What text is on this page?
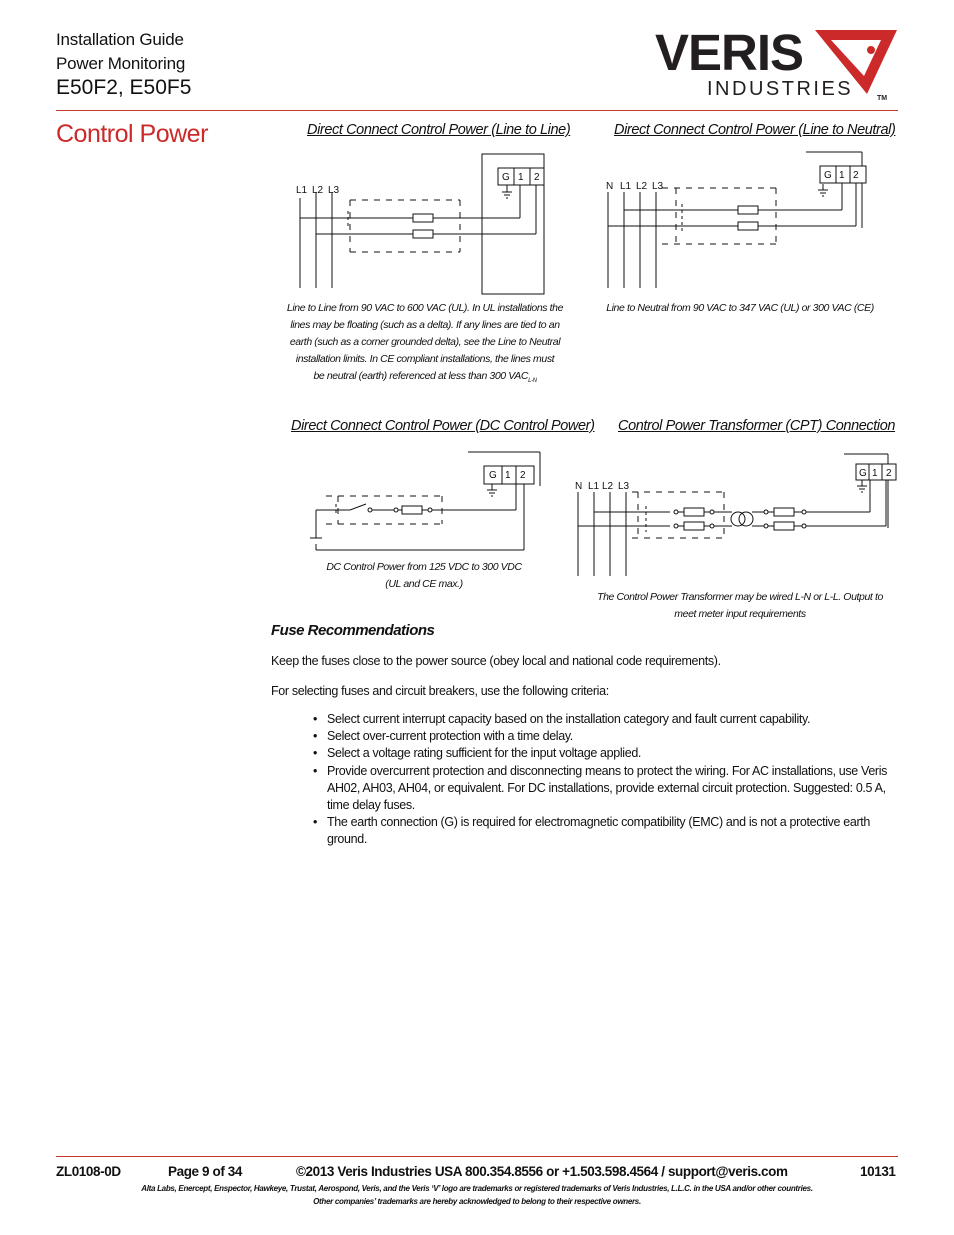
Installation Guide
Power Monitoring
E50F2, E50F5
VERIS
INDUSTRIES	TM
Control Power	Direct Connect Control Power (Line to Line)	Direct Connect Control Power (Line to Neutral)
Direct Connect Control Power (DC Control Power) Control Power Transformer (CPT) Connection
G 1 2
L1 L2 L3
Line to Line from 90 VAC to 600 VAC (UL). In UL installations the
lines may be floating (such as a delta). If any lines are tied to an
earth (such as a corner grounded delta), see the Line to Neutral
installation limits. In CE compliant installations, the lines must
be neutral (earth) referenced at less than 300 $VAC_{L-N}$
G 1 2
N L1 L2 L3
Line to Neutral from 90 VAC to 347 VAC (UL) or 300 VAC (CE)
G 1 2
DC Control Power from 125 VDC to 300 VDC
(UL and CE max.)
G 1 2
N L1 L2 L3
The Control Power Transformer may be wired L-N or L-L. Output to
meet meter input requirements
Fuse Recommendations
Keep the fuses close to the power source (obey local and national code requirements).
For selecting fuses and circuit breakers, use the following criteria:
• Select current interrupt capacity based on the installation category and fault current capability.
• Select over-current protection with a time delay.
• Select a voltage rating sufficient for the input voltage applied.
• Provide overcurrent protection and disconnecting means to protect the wiring. For AC installations, use Veris AH02, AH03, AH04, or equivalent. For DC installations, provide external circuit protection. Suggested: 0.5 A, time delay fuses.
• The earth connection (G) is required for electromagnetic compatibility (EMC) and is not a protective earth ground.
ZL0108-0D	Page 9 of 34	©2013 Veris Industries USA 800.354.8556 or +1.503.598.4564 / support@veris.com	10131
Alta Labs, Enercept, Enspector, Hawkeye, Trustat, Aerospond, Veris, and the Veris ‘V’ logo are trademarks or registered trademarks of Veris Industries, L.L.C. in the USA and/or other countries.
Other companies’ trademarks are hereby acknowledged to belong to their respective owners.
